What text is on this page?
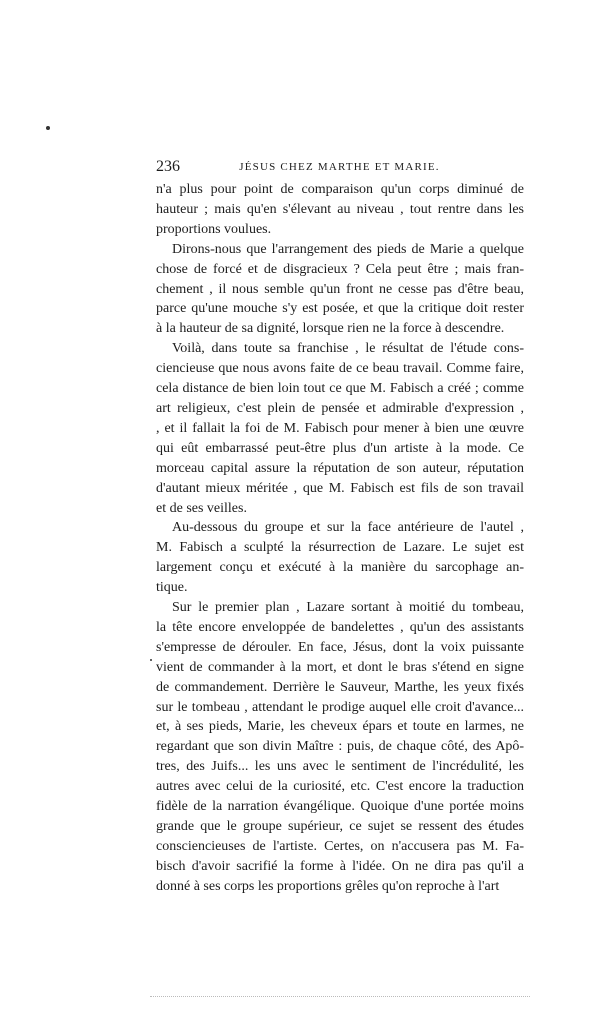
236	JÉSUS CHEZ MARTHE ET MARIE.
n'a plus pour point de comparaison qu'un corps diminué de
hauteur ; mais qu'en s'élevant au niveau , tout rentre dans les
proportions voulues.
Dirons-nous que l'arrangement des pieds de Marie a quelque
chose de forcé et de disgracieux ? Cela peut être ; mais fran-
chement , il nous semble qu'un front ne cesse pas d'être beau,
parce qu'une mouche s'y est posée, et que la critique doit rester
à la hauteur de sa dignité, lorsque rien ne la force à descendre.
Voilà, dans toute sa franchise , le résultat de l'étude cons-
ciencieuse que nous avons faite de ce beau travail. Comme faire,
cela distance de bien loin tout ce que M. Fabisch a créé ; comme
art religieux, c'est plein de pensée et admirable d'expression ,
, et il fallait la foi de M. Fabisch pour mener à bien une œuvre
qui eût embarrassé peut-être plus d'un artiste à la mode. Ce
morceau capital assure la réputation de son auteur, réputation
d'autant mieux méritée , que M. Fabisch est fils de son travail
et de ses veilles.
Au-dessous du groupe et sur la face antérieure de l'autel ,
M. Fabisch a sculpté la résurrection de Lazare. Le sujet est
largement conçu et exécuté à la manière du sarcophage an-
tique.
Sur le premier plan , Lazare sortant à moitié du tombeau,
la tête encore enveloppée de bandelettes , qu'un des assistants
s'empresse de dérouler. En face, Jésus, dont la voix puissante
vient de commander à la mort, et dont le bras s'étend en signe
de commandement. Derrière le Sauveur, Marthe, les yeux fixés
sur le tombeau , attendant le prodige auquel elle croit d'avance...
et, à ses pieds, Marie, les cheveux épars et toute en larmes, ne
regardant que son divin Maître : puis, de chaque côté, des Apô-
tres, des Juifs... les uns avec le sentiment de l'incrédulité, les
autres avec celui de la curiosité, etc. C'est encore la traduction
fidèle de la narration évangélique. Quoique d'une portée moins
grande que le groupe supérieur, ce sujet se ressent des études
consciencieuses de l'artiste. Certes, on n'accusera pas M. Fa-
bisch d'avoir sacrifié la forme à l'idée. On ne dira pas qu'il a
donné à ses corps les proportions grêles qu'on reproche à l'art
